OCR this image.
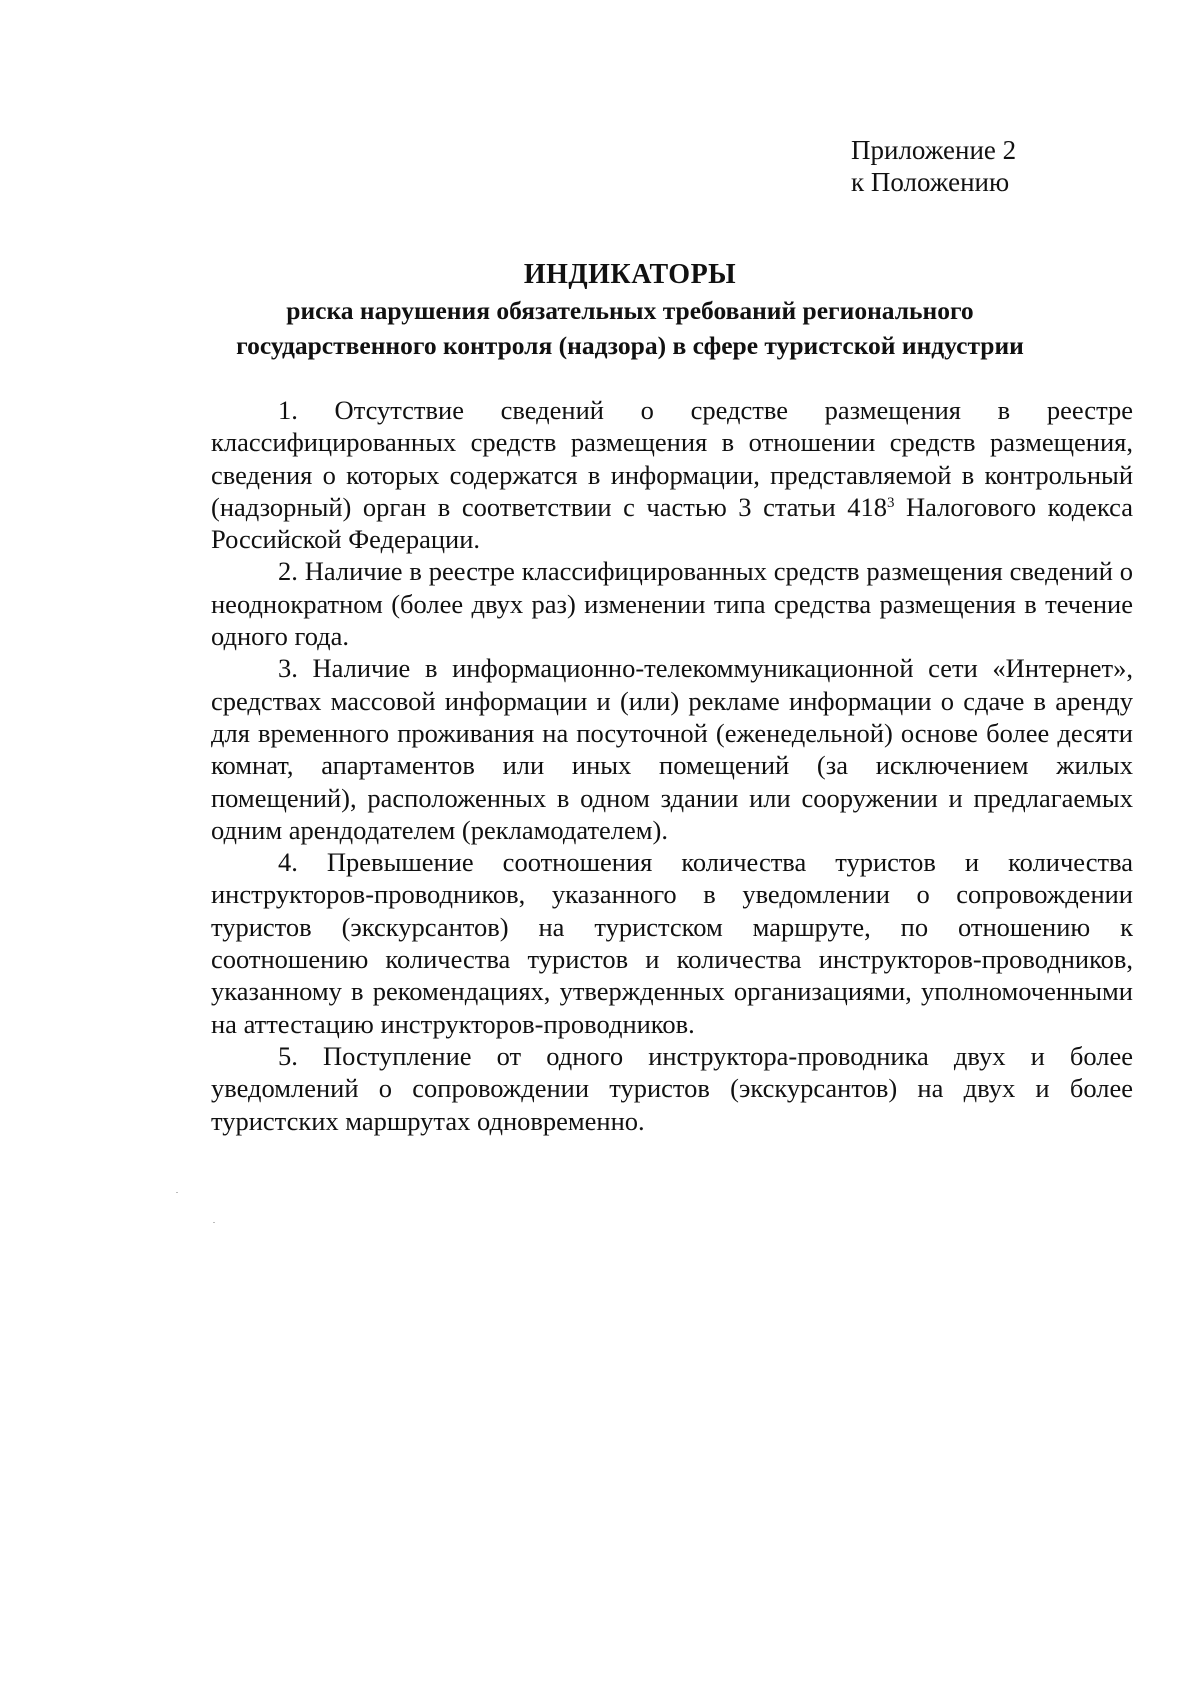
Приложение 2
к Положению
ИНДИКАТОРЫ
риска нарушения обязательных требований регионального
государственного контроля (надзора) в сфере туристской индустрии

1. Отсутствие сведений о средстве размещения в реестре классифицированных средств размещения в отношении средств размещения, сведения о которых содержатся в информации, представляемой в контрольный (надзорный) орган в соответствии с частью 3 статьи $418^3$ Налогового кодекса Российской Федерации.

2. Наличие в реестре классифицированных средств размещения сведений о неоднократном (более двух раз) изменении типа средства размещения в течение одного года.

3. Наличие в информационно-телекоммуникационной сети «Интернет», средствах массовой информации и (или) рекламе информации о сдаче в аренду для временного проживания на посуточной (еженедельной) основе более десяти комнат, апартаментов или иных помещений (за исключением жилых помещений), расположенных в одном здании или сооружении и предлагаемых одним арендодателем (рекламодателем).

4. Превышение соотношения количества туристов и количества инструкторов-проводников, указанного в уведомлении о сопровождении туристов (экскурсантов) на туристском маршруте, по отношению к соотношению количества туристов и количества инструкторов-проводников, указанному в рекомендациях, утвержденных организациями, уполномоченными на аттестацию инструкторов-проводников.

5. Поступление от одного инструктора-проводника двух и более уведомлений о сопровождении туристов (экскурсантов) на двух и более туристских маршрутах одновременно.
